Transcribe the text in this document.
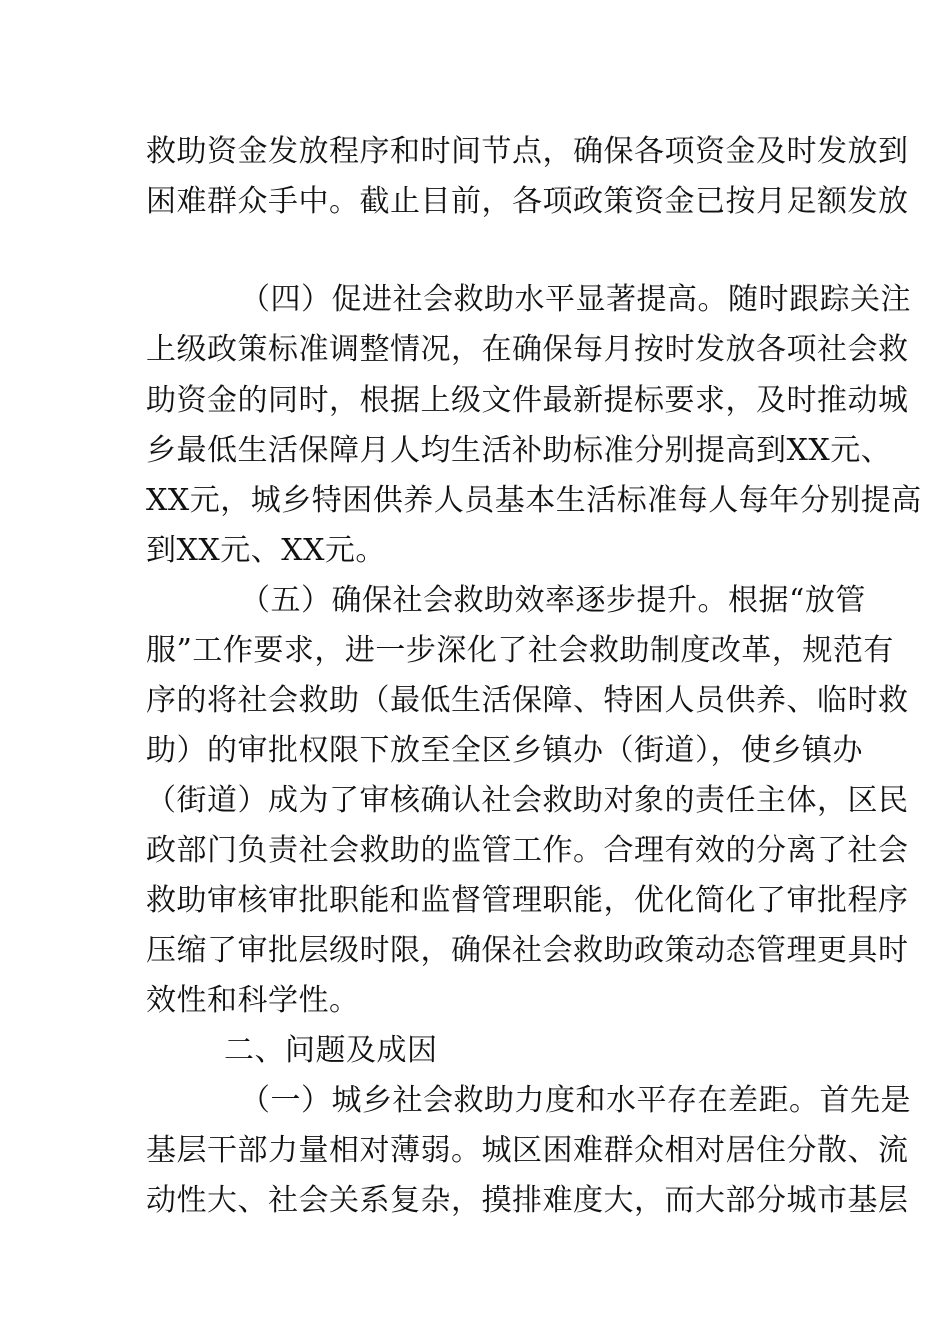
救助资金发放程序和时间节点，确保各项资金及时发放到
困难群众手中。截止目前，各项政策资金已按月足额发放
（四）促进社会救助水平显著提高。随时跟踪关注
上级政策标准调整情况，在确保每月按时发放各项社会救
助资金的同时，根据上级文件最新提标要求，及时推动城
乡最低生活保障月人均生活补助标准分别提高到XX元、
XX元，城乡特困供养人员基本生活标准每人每年分别提高
到XX元、XX元。
（五）确保社会救助效率逐步提升。根据“放管
服”工作要求，进一步深化了社会救助制度改革，规范有
序的将社会救助（最低生活保障、特困人员供养、临时救
助）的审批权限下放至全区乡镇办（街道），使乡镇办
（街道）成为了审核确认社会救助对象的责任主体，区民
政部门负责社会救助的监管工作。合理有效的分离了社会
救助审核审批职能和监督管理职能，优化简化了审批程序
压缩了审批层级时限，确保社会救助政策动态管理更具时
效性和科学性。
二、问题及成因
（一）城乡社会救助力度和水平存在差距。首先是
基层干部力量相对薄弱。城区困难群众相对居住分散、流
动性大、社会关系复杂，摸排难度大，而大部分城市基层
